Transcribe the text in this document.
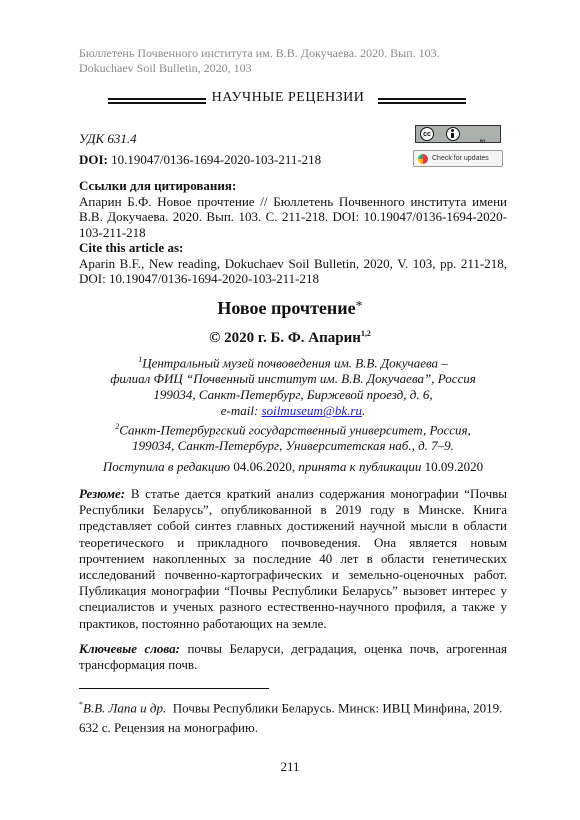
Бюллетень Почвенного института им. В.В. Докучаева. 2020. Вып. 103.
Dokuchaev Soil Bulletin, 2020, 103
НАУЧНЫЕ РЕЦЕНЗИИ
УДК 631.4
DOI: 10.19047/0136-1694-2020-103-211-218
cc
BY
Check for updates
Ссылки для цитирования:
Апарин Б.Ф. Новое прочтение // Бюллетень Почвенного института имени В.В. Докучаева. 2020. Вып. 103. С. 211-218. DOI: 10.19047/0136-1694-2020-103-211-218
Cite this article as:
Aparin B.F., New reading, Dokuchaev Soil Bulletin, 2020, V. 103, pp. 211-218, DOI: 10.19047/0136-1694-2020-103-211-218
Новое прочтение*
© 2020 г. Б. Ф. Апарин$^{1,2}$
$^1$Центральный музей почвоведения им. В.В. Докучаева –
филиал ФИЦ “Почвенный институт им. В.В. Докучаева”, Россия
199034, Санкт-Петербург, Биржевой проезд, д. 6,
e-mail: soilmuseum@bk.ru.
$^2$Санкт-Петербургский государственный университет, Россия,
199034, Санкт-Петербург, Университетская наб., д. 7–9.
Поступила в редакцию 04.06.2020, принята к публикации 10.09.2020
Резюме: В статье дается краткий анализ содержания монографии “Почвы Республики Беларусь”, опубликованной в 2019 году в Минске. Книга представляет собой синтез главных достижений научной мысли в области теоретического и прикладного почвоведения. Она является новым прочтением накопленных за последние 40 лет в области генетических исследований почвенно-картографических и земельно-оценочных работ. Публикация монографии “Почвы Республики Беларусь” вызовет интерес у специалистов и ученых разного естественно-научного профиля, а также у практиков, постоянно работающих на земле.
Ключевые слова: почвы Беларуси, деградация, оценка почв, агрогенная трансформация почв.
*В.В. Лапа и др. Почвы Республики Беларусь. Минск: ИВЦ Минфина, 2019. 632 с. Рецензия на монографию.
211
